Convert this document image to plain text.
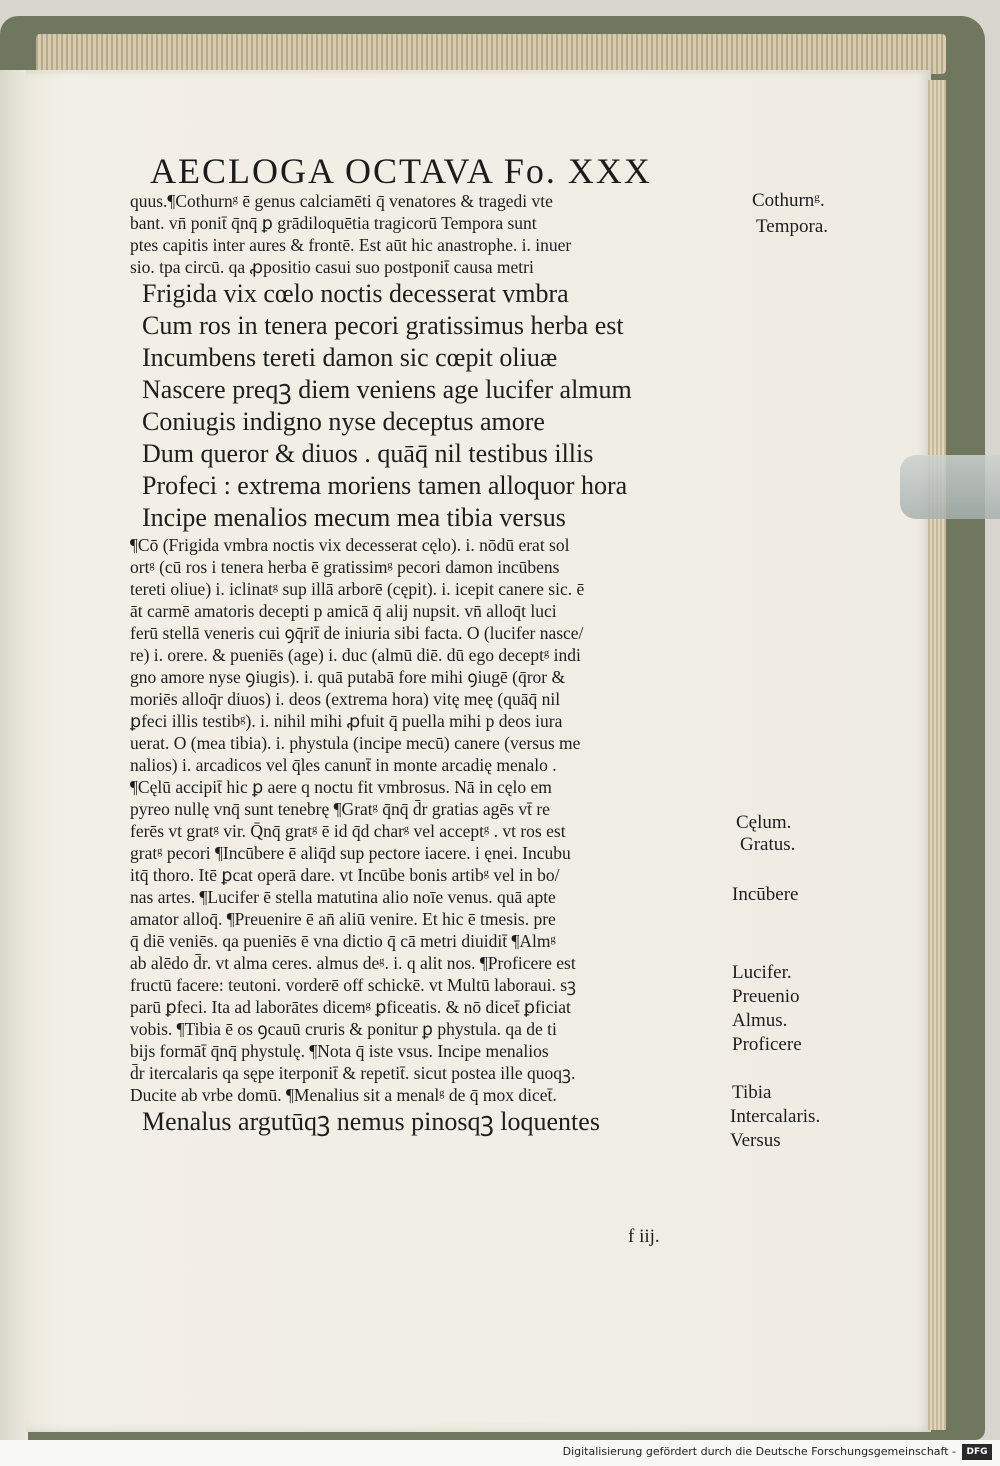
AECLOGA OCTAVA Fo. XXX
quus.¶Cothurnᵍ ē genus calciamēti q̄ venatores & tragedi vte
bant. vn̄ ponit̄ q̄nq̄ ꝑ grādiloquētia tragicorū Tempora sunt
ptes capitis inter aures & frontē. Est aūt hic anastrophe. i. inuer
sio. tpa circū. qa ꝓpositio casui suo postponit̄ causa metri
Frigida vix cœlo noctis decesserat vmbra
Cum ros in tenera pecori gratissimus herba est
Incumbens tereti damon sic cœpit oliuæ
Nascere preqꝫ diem veniens age lucifer almum
Coniugis indigno nyse deceptus amore
Dum queror & diuos . quāq̄ nil testibus illis
Profeci : extrema moriens tamen alloquor hora
Incipe menalios mecum mea tibia versus
¶Cō (Frigida vmbra noctis vix decesserat cęlo). i. nōdū erat sol
ortᵍ (cū ros i tenera herba ē gratissimᵍ pecori damon incūbens
tereti oliue) i. iclinatᵍ sup illā arborē (cępit). i. icepit canere sic. ē
āt carmē amatoris decepti p amicā q̄ alij nupsit. vn̄ alloq̄t luci
ferū stellā veneris cui ꝯq̄rit̄ de iniuria sibi facta. O (lucifer nasce/
re) i. orere. & pueniēs (age) i. duc (almū diē. dū ego deceptᵍ indi
gno amore nyse ꝯiugis). i. quā putabā fore mihi ꝯiugē (q̄ror &
moriēs alloq̄r diuos) i. deos (extrema hora) vitę meę (quāq̄ nil
ꝑfeci illis testibᵍ). i. nihil mihi ꝓfuit q̄ puella mihi p deos iura
uerat. O (mea tibia). i. phystula (incipe mecū) canere (versus me
nalios) i. arcadicos vel q̄les canunt̄ in monte arcadię menalo .
¶Cęlū accipit̄ hic ꝑ aere q noctu fit vmbrosus. Nā in cęlo em
pyreo nullę vnq̄ sunt tenebrę ¶Gratᵍ q̄nq̄ d̄r gratias agēs vt̄ re
ferēs vt gratᵍ vir. Q̄nq̄ gratᵍ ē id q̄d charᵍ vel acceptᵍ . vt ros est
gratᵍ pecori ¶Incūbere ē aliq̄d sup pectore iacere. i ęnei. Incubu
itq̄ thoro. Itē ꝑcat operā dare. vt Incūbe bonis artibᵍ vel in bo/
nas artes. ¶Lucifer ē stella matutina alio noīe venus. quā apte
amator alloq̄. ¶Preuenire ē an̄ aliū venire. Et hic ē tmesis. pre
q̄ diē veniēs. qa pueniēs ē vna dictio q̄ cā metri diuidit̄ ¶Almᵍ
ab alēdo d̄r. vt alma ceres. almus deᵍ. i. q alit nos. ¶Proficere est
fructū facere: teutoni. vorderē off schickē. vt Multū laboraui. sꝫ
parū ꝑfeci. Ita ad laborātes dicemᵍ ꝑficeatis. & nō dicet̄ ꝑficiat
vobis. ¶Tibia ē os ꝯcauū cruris & ponitur ꝑ phystula. qa de ti
bijs formāt̄ q̄nq̄ phystulę. ¶Nota q̄ iste vsus. Incipe menalios
d̄r itercalaris qa sępe iterponit̄ & repetit̄. sicut postea ille quoqꝫ.
Ducite ab vrbe domū. ¶Menalius sit a menalᵍ de q̄ mox dicet̄.
Menalus argutūqꝫ nemus pinosqꝫ loquentes
Cothurnᵍ.
Tempora.
Cęlum.
Gratus.
Incūbere
Lucifer.
Preuenio
Almus.
Proficere
Tibia
Intercalaris.
Versus
f iij.
Digitalisierung gefördert durch die Deutsche Forschungsgemeinschaft -	DFG
